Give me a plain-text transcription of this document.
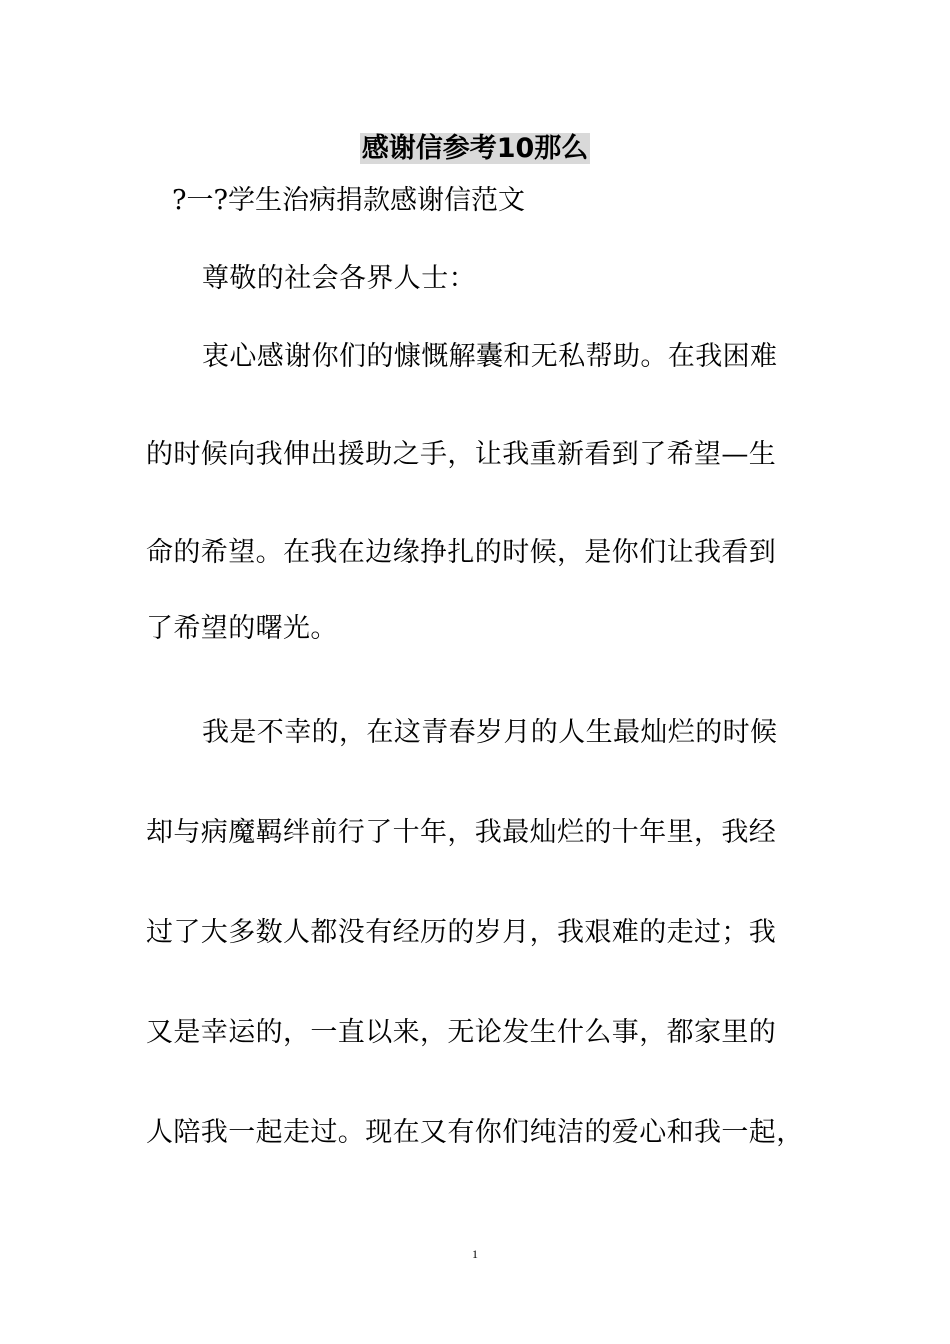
感谢信参考10那么
?一?学生治病捐款感谢信范文
尊敬的社会各界人士：
衷心感谢你们的慷慨解囊和无私帮助。在我困难
的时候向我伸出援助之手，让我重新看到了希望—生
命的希望。在我在边缘挣扎的时候，是你们让我看到
了希望的曙光。
我是不幸的，在这青春岁月的人生最灿烂的时候
却与病魔羁绊前行了十年，我最灿烂的十年里，我经
过了大多数人都没有经历的岁月，我艰难的走过；我
又是幸运的，一直以来，无论发生什么事，都家里的
人陪我一起走过。现在又有你们纯洁的爱心和我一起，
1
